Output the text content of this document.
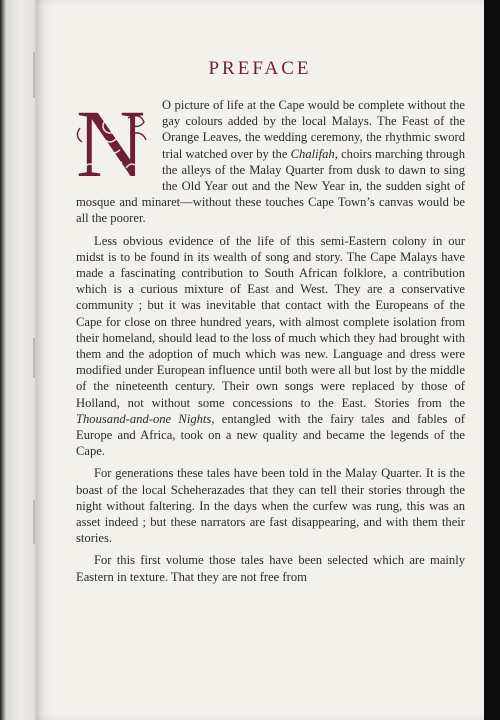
PREFACE
N	O picture of life at the Cape would be complete without the gay colours added by the local Malays. The Feast of the Orange Leaves, the wedding ceremony, the rhythmic sword trial watched over by the Chalifah, choirs marching through the alleys of the Malay Quarter from dusk to dawn to sing the Old Year out and the New Year in, the sudden sight of mosque and minaret—without these touches Cape Town’s canvas would be all the poorer.

Less obvious evidence of the life of this semi-Eastern colony in our midst is to be found in its wealth of song and story. The Cape Malays have made a fascinating contribution to South African folklore, a contribution which is a curious mixture of East and West. They are a conservative community ; but it was inevitable that contact with the Europeans of the Cape for close on three hundred years, with almost complete isolation from their homeland, should lead to the loss of much which they had brought with them and the adoption of much which was new. Language and dress were modified under European influence until both were all but lost by the middle of the nineteenth century. Their own songs were replaced by those of Holland, not without some concessions to the East. Stories from the Thousand-and-one Nights, entangled with the fairy tales and fables of Europe and Africa, took on a new quality and became the legends of the Cape.

For generations these tales have been told in the Malay Quarter. It is the boast of the local Scheherazades that they can tell their stories through the night without faltering. In the days when the curfew was rung, this was an asset indeed ; but these narrators are fast disappearing, and with them their stories.

For this first volume those tales have been selected which are mainly Eastern in texture. That they are not free from
